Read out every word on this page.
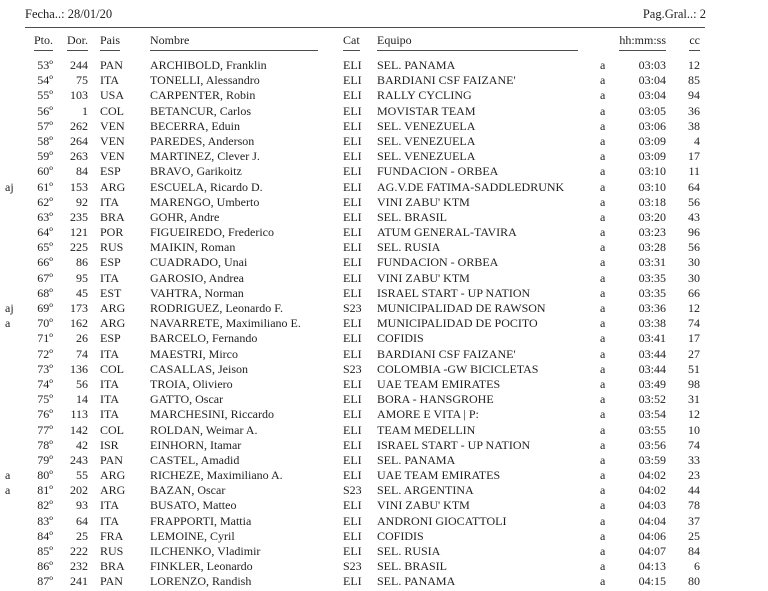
Fecha..: 28/01/20	Pag.Gral..: 2
Pto.	Dor. Pais	Nombre	Cat	Equipo	hh:mm:ss	cc
53º	244 PAN	ARCHIBOLD, Franklin	ELI	SEL. PANAMA	a	03:03	12
54º	75 ITA	TONELLI, Alessandro	ELI	BARDIANI CSF FAIZANE'	a	03:04	85
55º	103 USA	CARPENTER, Robin	ELI	RALLY CYCLING	a	03:04	94
56º	1 COL	BETANCUR, Carlos	ELI	MOVISTAR TEAM	a	03:05	36
57º	262 VEN	BECERRA, Eduin	ELI	SEL. VENEZUELA	a	03:06	38
58º	264 VEN	PAREDES, Anderson	ELI	SEL. VENEZUELA	a	03:09	4
59º	263 VEN	MARTINEZ, Clever J.	ELI	SEL. VENEZUELA	a	03:09	17
60º	84 ESP	BRAVO, Garikoitz	ELI	FUNDACION - ORBEA	a	03:10	11
aj	61º	153 ARG	ESCUELA, Ricardo D.	ELI	AG.V.DE FATIMA-SADDLEDRUNK	a	03:10	64
62º	92 ITA	MARENGO, Umberto	ELI	VINI ZABU' KTM	a	03:18	56
63º	235 BRA	GOHR, Andre	ELI	SEL. BRASIL	a	03:20	43
64º	121 POR	FIGUEIREDO, Frederico	ELI	ATUM GENERAL-TAVIRA	a	03:23	96
65º	225 RUS	MAIKIN, Roman	ELI	SEL. RUSIA	a	03:28	56
66º	86 ESP	CUADRADO, Unai	ELI	FUNDACION - ORBEA	a	03:31	30
67º	95 ITA	GAROSIO, Andrea	ELI	VINI ZABU' KTM	a	03:35	30
68º	45 EST	VAHTRA, Norman	ELI	ISRAEL START - UP NATION	a	03:35	66
aj	69º	173 ARG	RODRIGUEZ, Leonardo F.	S23	MUNICIPALIDAD DE RAWSON	a	03:36	12
a	70º	162 ARG	NAVARRETE, Maximiliano E.	ELI	MUNICIPALIDAD DE POCITO	a	03:38	74
71º	26 ESP	BARCELO, Fernando	ELI	COFIDIS	a	03:41	17
72º	74 ITA	MAESTRI, Mirco	ELI	BARDIANI CSF FAIZANE'	a	03:44	27
73º	136 COL	CASALLAS, Jeison	S23	COLOMBIA -GW BICICLETAS	a	03:44	51
74º	56 ITA	TROIA, Oliviero	ELI	UAE TEAM EMIRATES	a	03:49	98
75º	14 ITA	GATTO, Oscar	ELI	BORA - HANSGROHE	a	03:52	31
76º	113 ITA	MARCHESINI, Riccardo	ELI	AMORE E VITA | P:	a	03:54	12
77º	142 COL	ROLDAN, Weimar A.	ELI	TEAM MEDELLIN	a	03:55	10
78º	42 ISR	EINHORN, Itamar	ELI	ISRAEL START - UP NATION	a	03:56	74
79º	243 PAN	CASTEL, Amadid	ELI	SEL. PANAMA	a	03:59	33
a	80º	55 ARG	RICHEZE, Maximiliano A.	ELI	UAE TEAM EMIRATES	a	04:02	23
a	81º	202 ARG	BAZAN, Oscar	S23	SEL. ARGENTINA	a	04:02	44
82º	93 ITA	BUSATO, Matteo	ELI	VINI ZABU' KTM	a	04:03	78
83º	64 ITA	FRAPPORTI, Mattia	ELI	ANDRONI GIOCATTOLI	a	04:04	37
84º	25 FRA	LEMOINE, Cyril	ELI	COFIDIS	a	04:06	25
85º	222 RUS	ILCHENKO, Vladimir	ELI	SEL. RUSIA	a	04:07	84
86º	232 BRA	FINKLER, Leonardo	S23	SEL. BRASIL	a	04:13	6
87º	241 PAN	LORENZO, Randish	ELI	SEL. PANAMA	a	04:15	80
